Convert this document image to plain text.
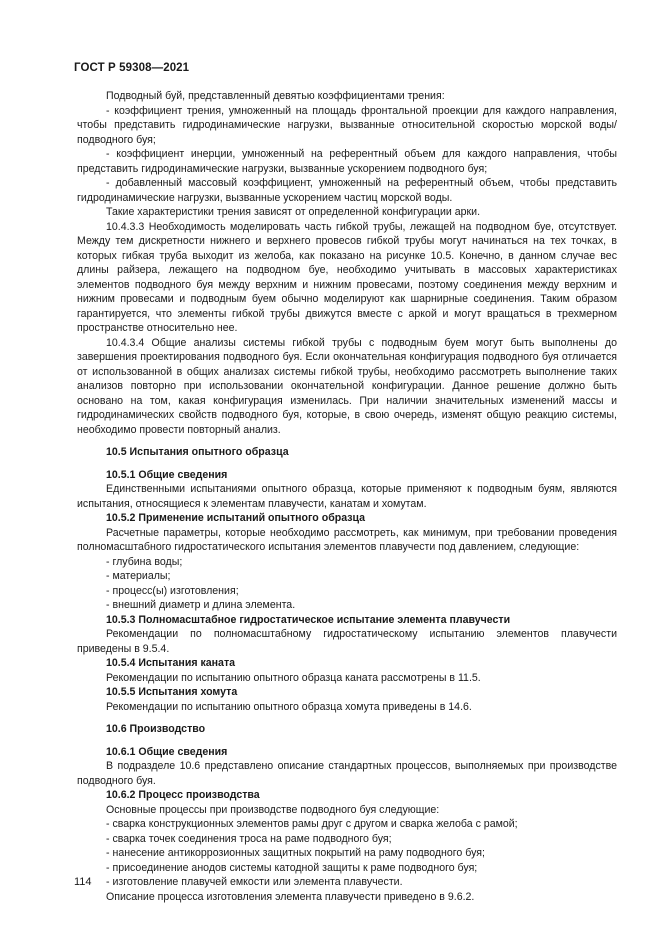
ГОСТ Р 59308—2021

Подводный буй, представленный девятью коэффициентами трения:

- коэффициент трения, умноженный на площадь фронтальной проекции для каждого направления, чтобы представить гидродинамические нагрузки, вызванные относительной скоростью морской воды/подводного буя;

- коэффициент инерции, умноженный на референтный объем для каждого направления, чтобы представить гидродинамические нагрузки, вызванные ускорением подводного буя;

- добавленный массовый коэффициент, умноженный на референтный объем, чтобы представить гидродинамические нагрузки, вызванные ускорением частиц морской воды.

Такие характеристики трения зависят от определенной конфигурации арки.

10.4.3.3 Необходимость моделировать часть гибкой трубы, лежащей на подводном буе, отсутствует. Между тем дискретности нижнего и верхнего провесов гибкой трубы могут начинаться на тех точках, в которых гибкая труба выходит из желоба, как показано на рисунке 10.5. Конечно, в данном случае вес длины райзера, лежащего на подводном буе, необходимо учитывать в массовых характеристиках элементов подводного буя между верхним и нижним провесами, поэтому соединения между верхним и нижним провесами и подводным буем обычно моделируют как шарнирные соединения. Таким образом гарантируется, что элементы гибкой трубы движутся вместе с аркой и могут вращаться в трехмерном пространстве относительно нее.

10.4.3.4 Общие анализы системы гибкой трубы с подводным буем могут быть выполнены до завершения проектирования подводного буя. Если окончательная конфигурация подводного буя отличается от использованной в общих анализах системы гибкой трубы, необходимо рассмотреть выполнение таких анализов повторно при использовании окончательной конфигурации. Данное решение должно быть основано на том, какая конфигурация изменилась. При наличии значительных изменений массы и гидродинамических свойств подводного буя, которые, в свою очередь, изменят общую реакцию системы, необходимо провести повторный анализ.

10.5 Испытания опытного образца

10.5.1 Общие сведения

Единственными испытаниями опытного образца, которые применяют к подводным буям, являются испытания, относящиеся к элементам плавучести, канатам и хомутам.

10.5.2 Применение испытаний опытного образца

Расчетные параметры, которые необходимо рассмотреть, как минимум, при требовании проведения полномасштабного гидростатического испытания элементов плавучести под давлением, следующие:

- глубина воды;

- материалы;

- процесс(ы) изготовления;

- внешний диаметр и длина элемента.

10.5.3 Полномасштабное гидростатическое испытание элемента плавучести

Рекомендации по полномасштабному гидростатическому испытанию элементов плавучести приведены в 9.5.4.

10.5.4 Испытания каната

Рекомендации по испытанию опытного образца каната рассмотрены в 11.5.

10.5.5 Испытания хомута

Рекомендации по испытанию опытного образца хомута приведены в 14.6.

10.6 Производство

10.6.1 Общие сведения

В подразделе 10.6 представлено описание стандартных процессов, выполняемых при производстве подводного буя.

10.6.2 Процесс производства

Основные процессы при производстве подводного буя следующие:

- сварка конструкционных элементов рамы друг с другом и сварка желоба с рамой;

- сварка точек соединения троса на раме подводного буя;

- нанесение антикоррозионных защитных покрытий на раму подводного буя;

- присоединение анодов системы катодной защиты к раме подводного буя;

- изготовление плавучей емкости или элемента плавучести.

Описание процесса изготовления элемента плавучести приведено в 9.6.2.

114
